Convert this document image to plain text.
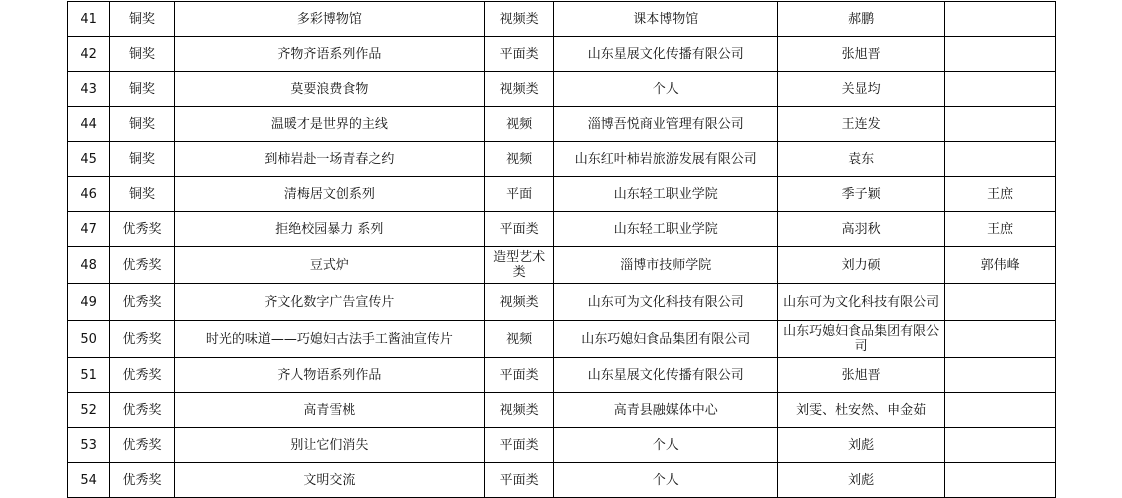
41	铜奖	多彩博物馆	视频类	课本博物馆	郝鹏	
42	铜奖	齐物齐语系列作品	平面类	山东星展文化传播有限公司	张旭晋	
43	铜奖	莫要浪费食物	视频类	个人	关显均	
44	铜奖	温暖才是世界的主线	视频	淄博吾悦商业管理有限公司	王连发	
45	铜奖	到柿岩赴一场青春之约	视频	山东红叶柿岩旅游发展有限公司	袁东	
46	铜奖	清梅居文创系列	平面	山东轻工职业学院	季子颖	王庶
47	优秀奖	拒绝校园暴力 系列	平面类	山东轻工职业学院	高羽秋	王庶
48	优秀奖	豆式炉	造型艺术类	淄博市技师学院	刘力硕	郭伟峰
49	优秀奖	齐文化数字广告宣传片	视频类	山东可为文化科技有限公司	山东可为文化科技有限公司	
50	优秀奖	时光的味道——巧媳妇古法手工酱油宣传片	视频	山东巧媳妇食品集团有限公司	山东巧媳妇食品集团有限公司	
51	优秀奖	齐人物语系列作品	平面类	山东星展文化传播有限公司	张旭晋	
52	优秀奖	高青雪桃	视频类	高青县融媒体中心	刘雯、杜安然、申金茹	
53	优秀奖	别让它们消失	平面类	个人	刘彪	
54	优秀奖	文明交流	平面类	个人	刘彪	
